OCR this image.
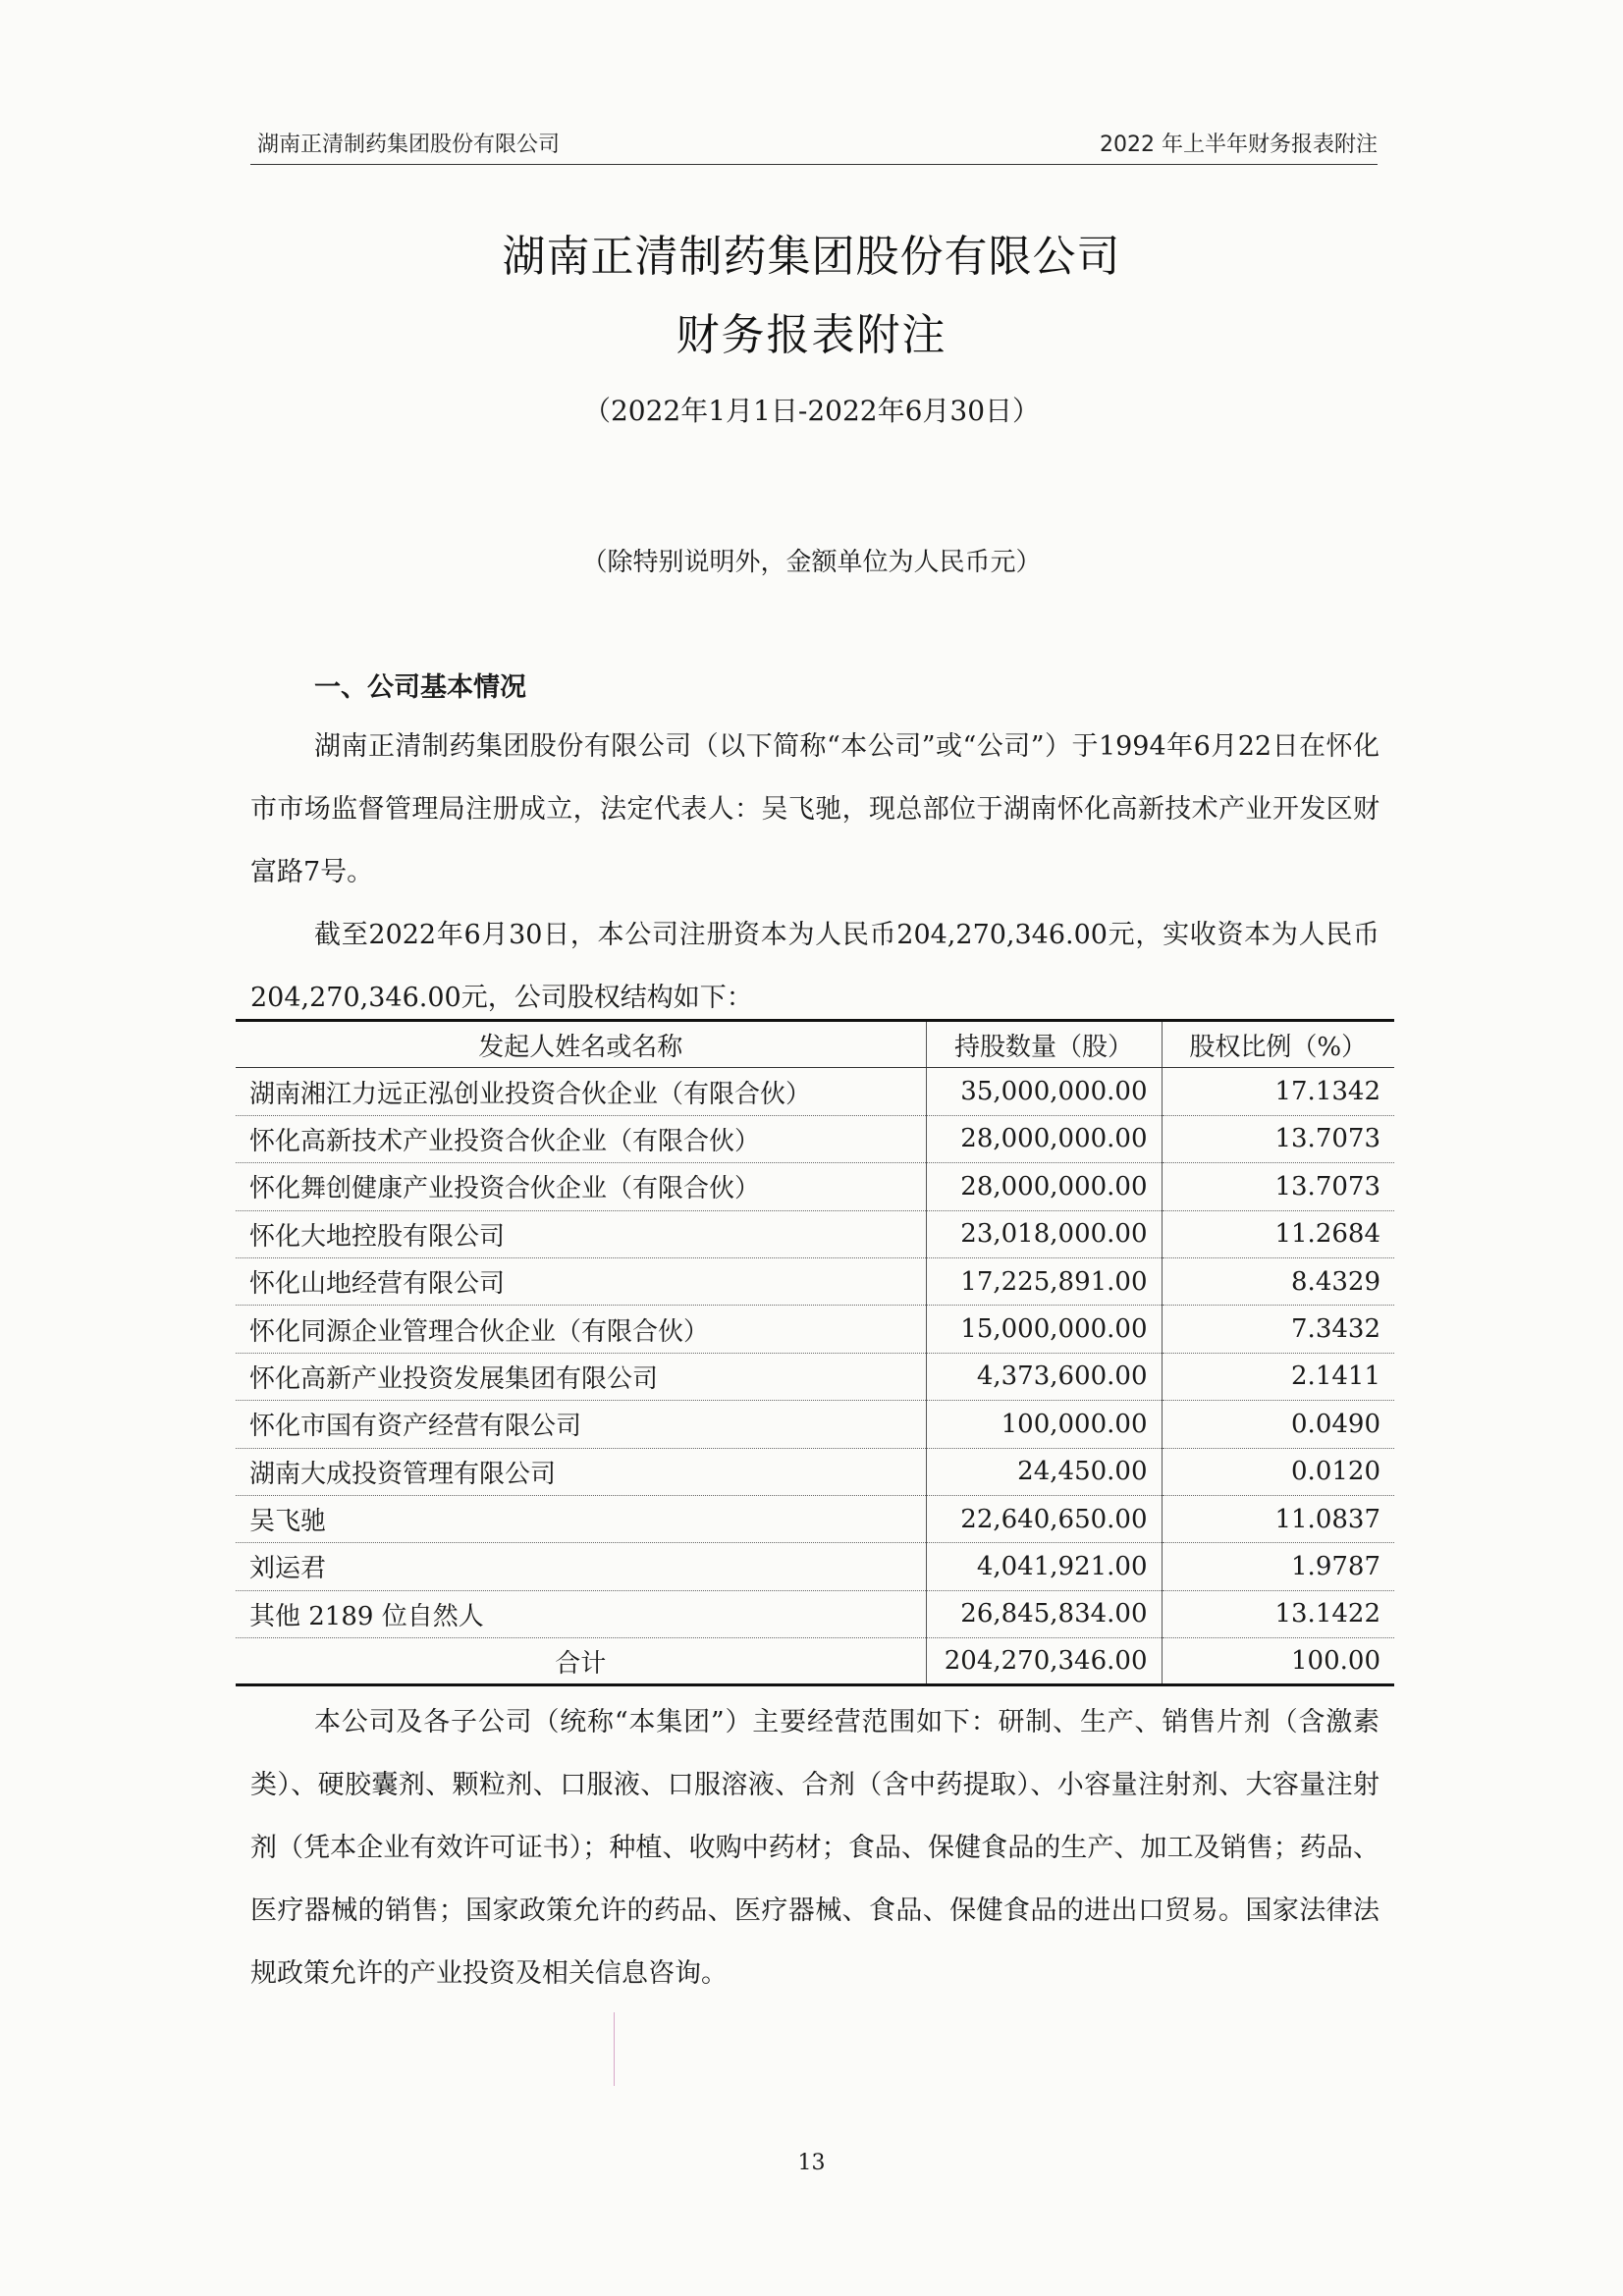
湖南正清制药集团股份有限公司	2022 年上半年财务报表附注
湖南正清制药集团股份有限公司
财务报表附注
（2022年1月1日-2022年6月30日）
（除特别说明外，金额单位为人民币元）
一、公司基本情况

湖南正清制药集团股份有限公司（以下简称“本公司”或“公司”）于1994年6月22日在怀化市市场监督管理局注册成立，法定代表人：吴飞驰，现总部位于湖南怀化高新技术产业开发区财富路7号。

截至2022年6月30日，本公司注册资本为人民币204,270,346.00元，实收资本为人民币204,270,346.00元，公司股权结构如下：

发起人姓名或名称	持股数量（股）	股权比例（%）
湖南湘江力远正泓创业投资合伙企业（有限合伙）	35,000,000.00	17.1342
怀化高新技术产业投资合伙企业（有限合伙）	28,000,000.00	13.7073
怀化舞创健康产业投资合伙企业（有限合伙）	28,000,000.00	13.7073
怀化大地控股有限公司	23,018,000.00	11.2684
怀化山地经营有限公司	17,225,891.00	8.4329
怀化同源企业管理合伙企业（有限合伙）	15,000,000.00	7.3432
怀化高新产业投资发展集团有限公司	4,373,600.00	2.1411
怀化市国有资产经营有限公司	100,000.00	0.0490
湖南大成投资管理有限公司	24,450.00	0.0120
吴飞驰	22,640,650.00	11.0837
刘运君	4,041,921.00	1.9787
其他 2189 位自然人	26,845,834.00	13.1422
合计	204,270,346.00	100.00

本公司及各子公司（统称“本集团”）主要经营范围如下：研制、生产、销售片剂（含激素类）、硬胶囊剂、颗粒剂、口服液、口服溶液、合剂（含中药提取）、小容量注射剂、大容量注射剂（凭本企业有效许可证书）；种植、收购中药材；食品、保健食品的生产、加工及销售；药品、医疗器械的销售；国家政策允许的药品、医疗器械、食品、保健食品的进出口贸易。国家法律法规政策允许的产业投资及相关信息咨询。

13
